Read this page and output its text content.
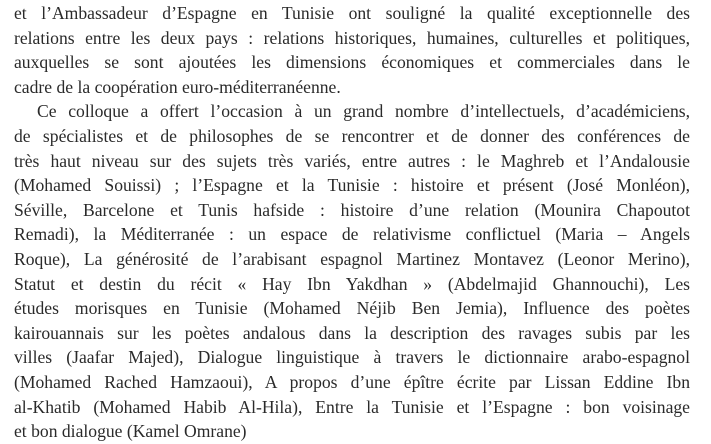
et l’Ambassadeur d’Espagne en Tunisie ont souligné la qualité exceptionnelle des
relations entre les deux pays : relations historiques, humaines, culturelles et politiques,
auxquelles se sont ajoutées les dimensions économiques et commerciales dans le
cadre de la coopération euro-méditerranéenne.
Ce colloque a offert l’occasion à un grand nombre d’intellectuels, d’académiciens,
de spécialistes et de philosophes de se rencontrer et de donner des conférences de
très haut niveau sur des sujets très variés, entre autres : le Maghreb et l’Andalousie
(Mohamed Souissi) ; l’Espagne et la Tunisie : histoire et présent (José Monléon),
Séville, Barcelone et Tunis hafside : histoire d’une relation (Mounira Chapoutot
Remadi), la Méditerranée : un espace de relativisme conflictuel (Maria – Angels
Roque), La générosité de l’arabisant espagnol Martinez Montavez (Leonor Merino),
Statut et destin du récit « Hay Ibn Yakdhan » (Abdelmajid Ghannouchi), Les
études morisques en Tunisie (Mohamed Néjib Ben Jemia), Influence des poètes
kairouannais sur les poètes andalous dans la description des ravages subis par les
villes (Jaafar Majed), Dialogue linguistique à travers le dictionnaire arabo-espagnol
(Mohamed Rached Hamzaoui), A propos d’une épître écrite par Lissan Eddine Ibn
al-Khatib (Mohamed Habib Al-Hila), Entre la Tunisie et l’Espagne : bon voisinage
et bon dialogue (Kamel Omrane)
